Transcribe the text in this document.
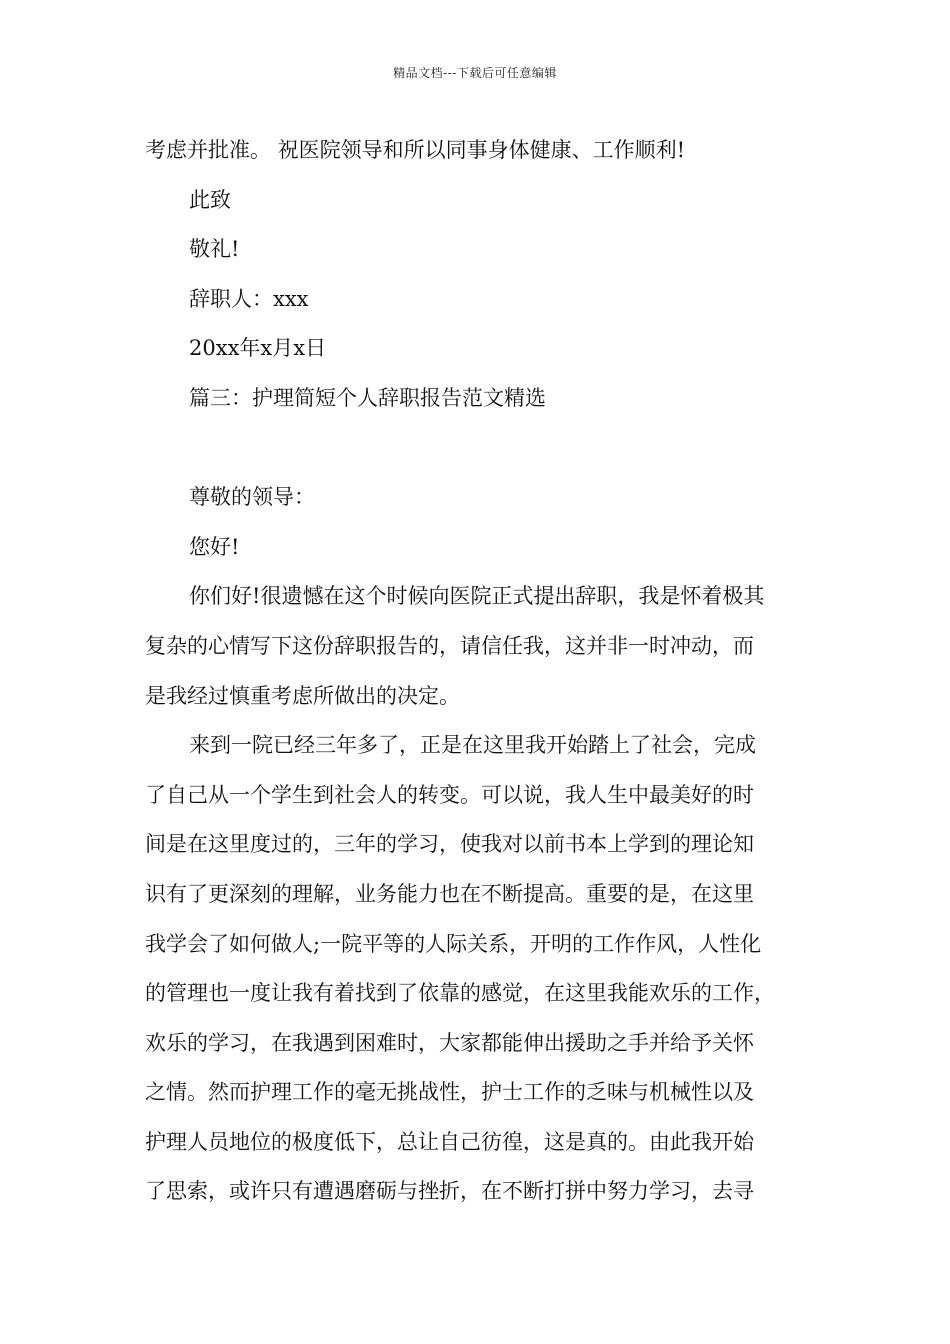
精品文档---下载后可任意编辑
考虑并批准。 祝医院领导和所以同事身体健康、工作顺利!
此致
敬礼!
辞职人：xxx
20xx年x月x日
篇三：护理简短个人辞职报告范文精选
尊敬的领导：
您好!
你们好!很遗憾在这个时候向医院正式提出辞职，我是怀着极其
复杂的心情写下这份辞职报告的，请信任我，这并非一时冲动，而
是我经过慎重考虑所做出的决定。
来到一院已经三年多了，正是在这里我开始踏上了社会，完成
了自己从一个学生到社会人的转变。可以说，我人生中最美好的时
间是在这里度过的，三年的学习，使我对以前书本上学到的理论知
识有了更深刻的理解，业务能力也在不断提高。重要的是，在这里
我学会了如何做人;一院平等的人际关系，开明的工作作风，人性化
的管理也一度让我有着找到了依靠的感觉，在这里我能欢乐的工作，
欢乐的学习，在我遇到困难时，大家都能伸出援助之手并给予关怀
之情。然而护理工作的毫无挑战性，护士工作的乏味与机械性以及
护理人员地位的极度低下，总让自己彷徨，这是真的。由此我开始
了思索，或许只有遭遇磨砺与挫折，在不断打拼中努力学习，去寻
